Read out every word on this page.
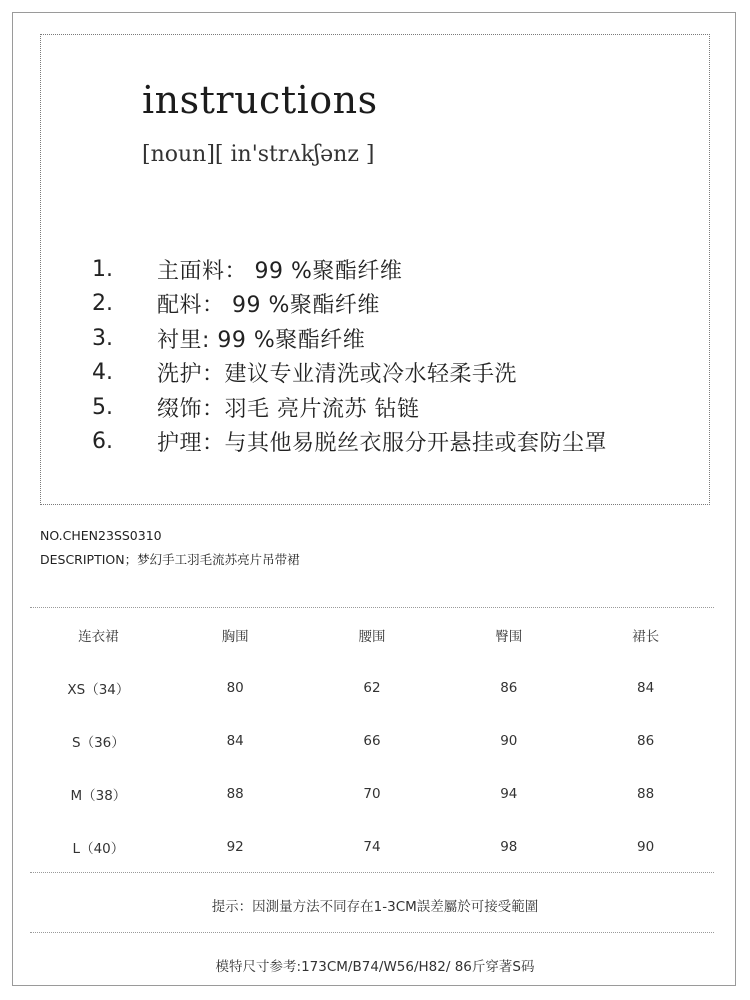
instructions
[noun][ in'strʌkʃənz ]
1.	主面料： 99 %聚酯纤维
2.	配料： 99 %聚酯纤维
3.	衬里: 99 %聚酯纤维
4.	洗护：建议专业清洗或冷水轻柔手洗
5.	缀饰：羽毛 亮片流苏 钻链
6.	护理：与其他易脱丝衣服分开悬挂或套防尘罩
NO.CHEN23SS0310
DESCRIPTION；梦幻手工羽毛流苏亮片吊带裙
连衣裙	胸围	腰围	臀围	裙长
XS（34）	80	62	86	84
S（36）	84	66	90	86
M（38）	88	70	94	88
L（40）	92	74	98	90
提示：因測量方法不同存在1-3CM誤差屬於可接受範圍
模特尺寸参考:173CM/B74/W56/H82/ 86斤穿著S码
